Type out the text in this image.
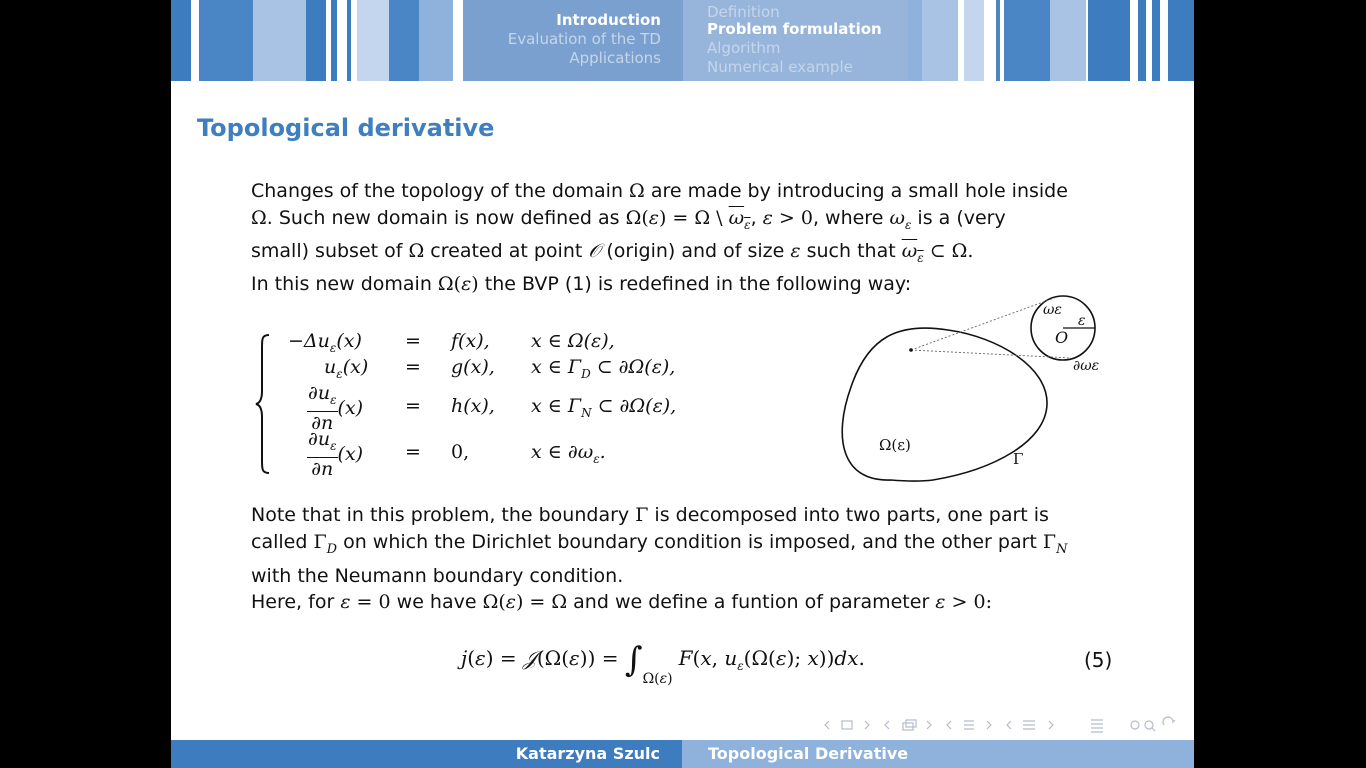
Introduction
Evaluation of the TD
Applications
Definition
Problem formulation
Algorithm
Numerical example
Topological derivative
Changes of the topology of the domain Ω are made by introducing a small hole inside
Ω. Such new domain is now defined as Ω(ε) = Ω \ $\omega_\varepsilon$, ε > 0, where $\omega_\varepsilon$ is a (very
small) subset of Ω created at point 𝒪 (origin) and of size ε such that $\omega_\varepsilon$ ⊂ Ω.
In this new domain Ω(ε) the BVP (1) is redefined in the following way:
$-\Delta u_\varepsilon(x) = f(x)$, x ∈ Ω(ε),
$u_\varepsilon(x) = g(x)$, x ∈ $\Gamma_D$ ⊂ ∂Ω(ε),
$\frac{\partial u_\varepsilon}{\partial n} (x) = h(x)$, x ∈ $\Gamma_N$ ⊂ ∂Ω(ε),
$\frac{\partial u_\varepsilon}{\partial n} (x) = 0$,	x ∈ $\partial\omega_\varepsilon$.
ωε
ε
O
∂ωε
Ω(ε)
Γ
Note that in this problem, the boundary Γ is decomposed into two parts, one part is
called $\Gamma_D$ on which the Dirichlet boundary condition is imposed, and the other part $\Gamma_N$
with the Neumann boundary condition.
Here, for ε = 0 we have Ω(ε) = Ω and we define a funtion of parameter ε > 0:
j(ε) = 𝒥(Ω(ε)) = $\int_{\Omega(\varepsilon)}F(x$, $u_\varepsilon(\Omega(\varepsilon)$; x))dx.	(5)
Katarzyna Szulc	Topological Derivative
